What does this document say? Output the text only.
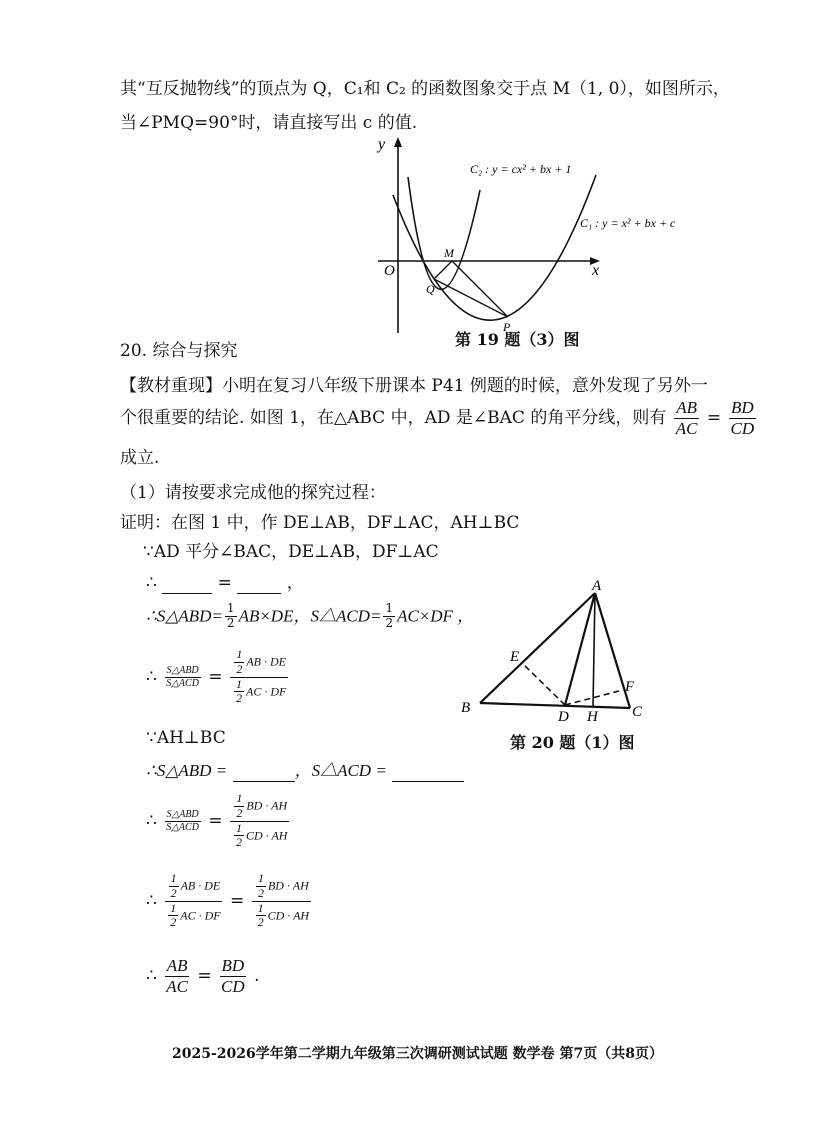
其“互反抛物线”的顶点为 Q，C₁和 C₂ 的函数图象交于点 M（1, 0），如图所示，
当∠PMQ=90°时，请直接写出 c 的值.
y
x
O
M
Q
P
C₂ : y = cx² + bx + 1
C₁ : y = x² + bx + c
第 19 题（3）图
20. 综合与探究
【教材重现】小明在复习八年级下册课本 P41 例题的时候，意外发现了另外一
个很重要的结论. 如图 1，在△ABC 中，AD 是∠BAC 的角平分线，则有 $\frac{AB}{AC} = \frac{BD}{CD}$
成立.
（1）请按要求完成他的探究过程：
证明：在图 1 中，作 DE⊥AB，DF⊥AC，AH⊥BC
∵AD 平分∠BAC，DE⊥AB，DF⊥AC
∴	=	，
∴S△ABD= $\frac{1}{2} AB\times DE$，S△ACD= $\frac{1}{2} AC\times DF$ ，
∴ $\frac{\text{S△ABD}}{\text{S△ACD}} = \frac{\frac{1}{2} AB \cdot DE}{\frac{1}{2} AC \cdot DF}$
∵AH⊥BC
∴S△ABD =	，S△ACD =
∴ $\frac{\text{S△ABD}}{\text{S△ACD}} = \frac{\frac{1}{2} BD \cdot AH}{\frac{1}{2} CD \cdot AH}$
∴ $\frac{\frac{1}{2} AB \cdot DE}{\frac{1}{2} AC \cdot DF} = \frac{\frac{1}{2} BD \cdot AH}{\frac{1}{2} CD \cdot AH}$
∴ $\frac{AB}{AC} = \frac{BD}{CD}$ .
A
B	C
D
E
F
H
第 20 题（1）图
2025-2026学年第二学期九年级第三次调研测试试题 数学卷 第7页（共8页）
